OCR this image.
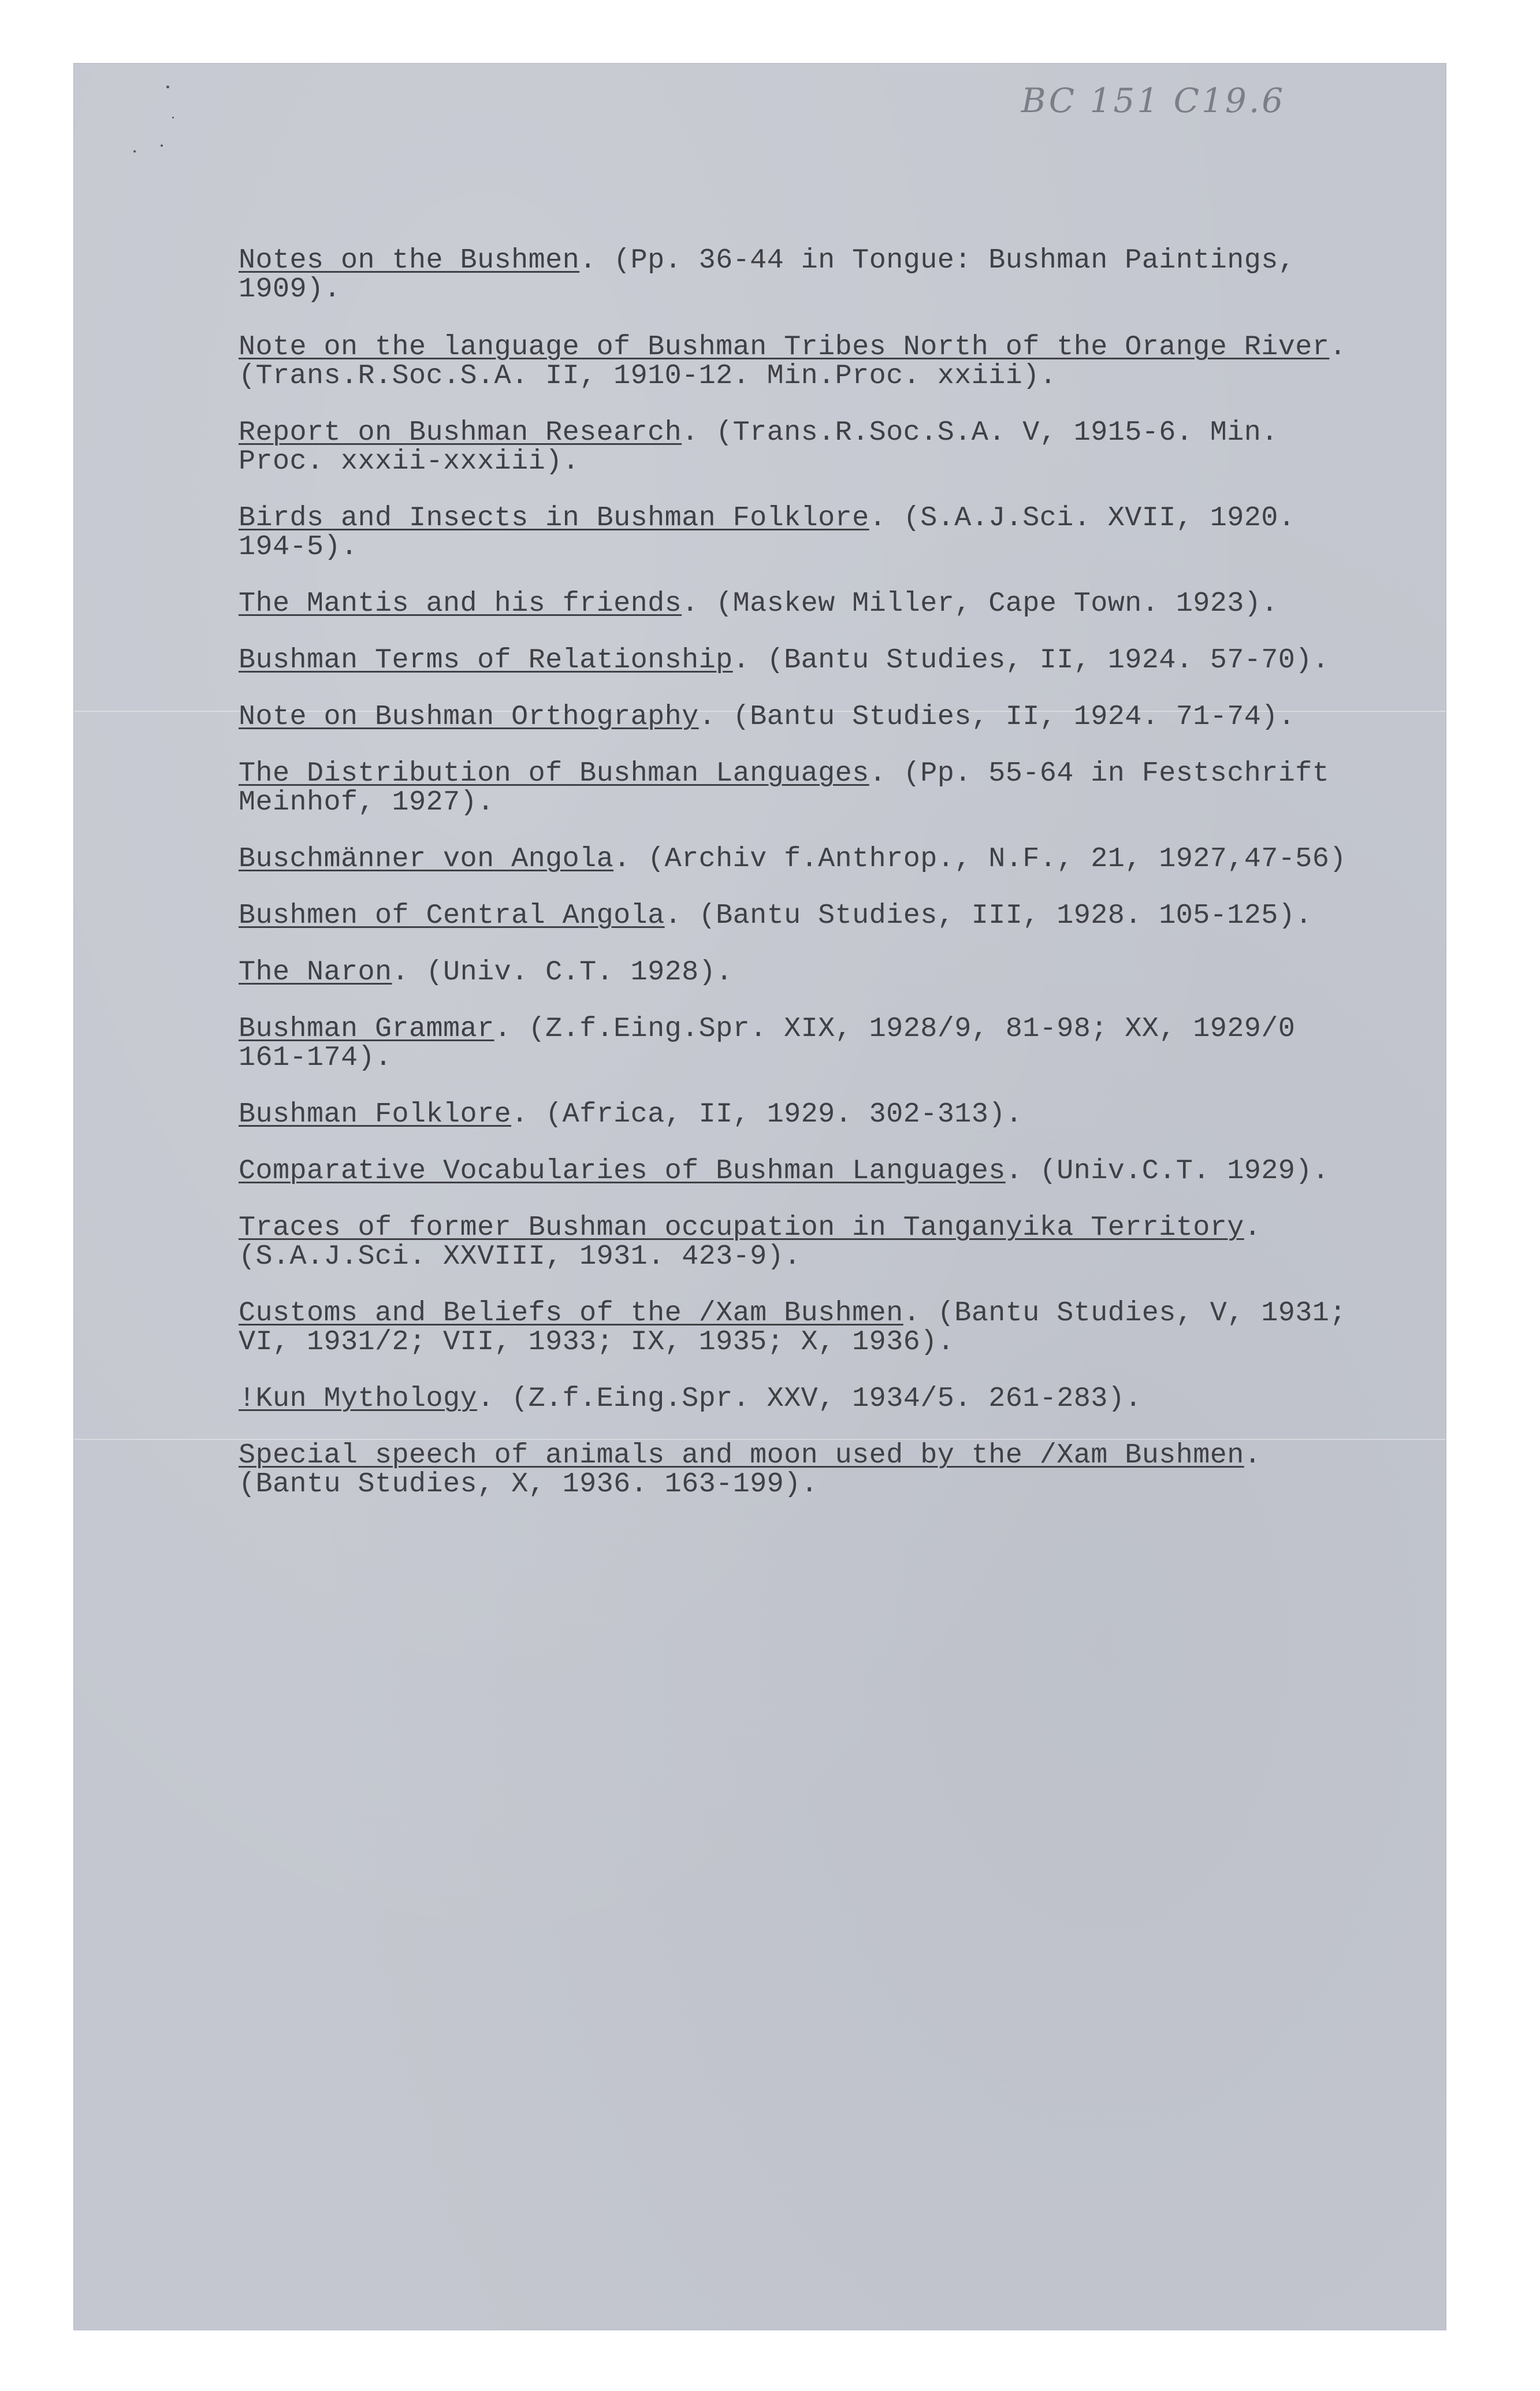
BC 151 C19.6

Notes on the Bushmen. (Pp. 36-44 in Tongue: Bushman Paintings, 1909).

Note on the language of Bushman Tribes North of the Orange River. (Trans.R.Soc.S.A. II, 1910-12. Min.Proc. xxiii).

Report on Bushman Research. (Trans.R.Soc.S.A. V, 1915-6. Min. Proc. xxxii-xxxiii).

Birds and Insects in Bushman Folklore. (S.A.J.Sci. XVII, 1920. 194-5).

The Mantis and his friends. (Maskew Miller, Cape Town. 1923).

Bushman Terms of Relationship. (Bantu Studies, II, 1924. 57-70).

Note on Bushman Orthography. (Bantu Studies, II, 1924. 71-74).

The Distribution of Bushman Languages. (Pp. 55-64 in Festschrift Meinhof, 1927).

Buschmänner von Angola. (Archiv f.Anthrop., N.F., 21, 1927,47-56)

Bushmen of Central Angola. (Bantu Studies, III, 1928. 105-125).

The Naron. (Univ. C.T. 1928).

Bushman Grammar. (Z.f.Eing.Spr. XIX, 1928/9, 81-98; XX, 1929/0 161-174).

Bushman Folklore. (Africa, II, 1929. 302-313).

Comparative Vocabularies of Bushman Languages. (Univ.C.T. 1929).

Traces of former Bushman occupation in Tanganyika Territory. (S.A.J.Sci. XXVIII, 1931. 423-9).

Customs and Beliefs of the /Xam Bushmen. (Bantu Studies, V, 1931; VI, 1931/2; VII, 1933; IX, 1935; X, 1936).

!Kun Mythology. (Z.f.Eing.Spr. XXV, 1934/5. 261-283).

Special speech of animals and moon used by the /Xam Bushmen. (Bantu Studies, X, 1936. 163-199).
